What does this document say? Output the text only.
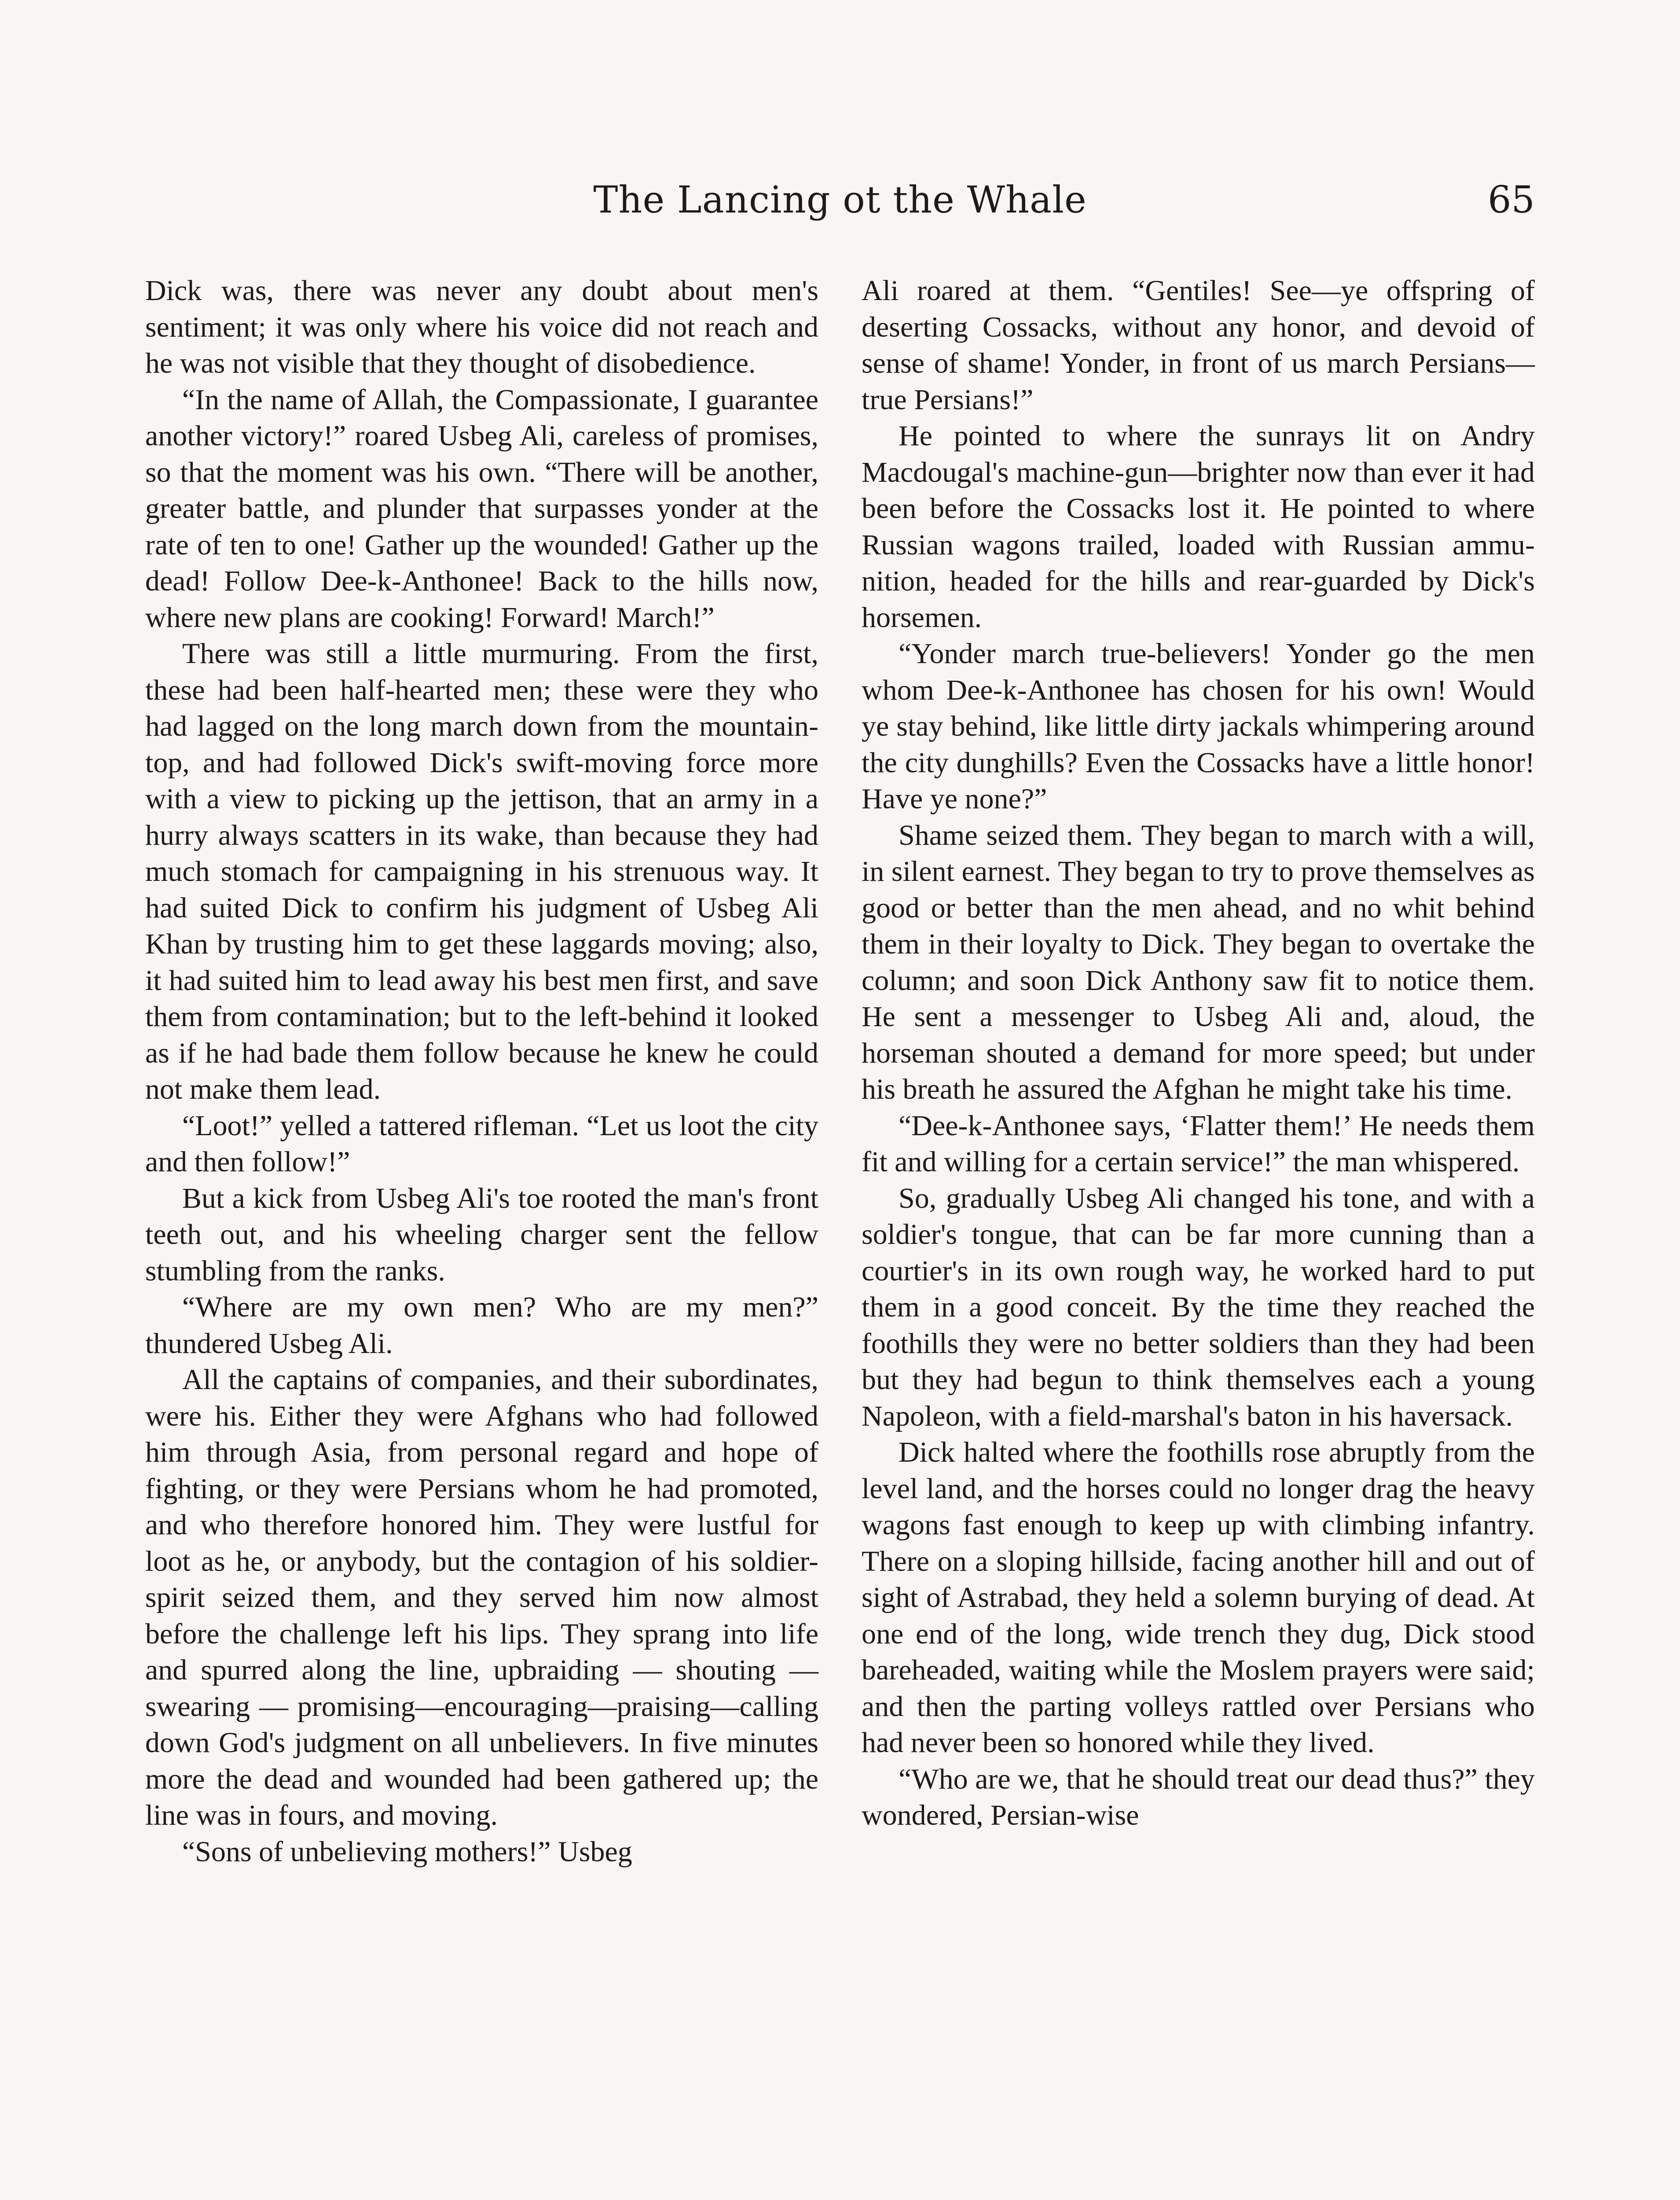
The Lancing ot the Whale	65

Dick was, there was never any doubt about men's sentiment; it was only where his voice did not reach and he was not visible that they thought of disobedience.

“In the name of Allah, the Compassionate, I guarantee another victory!” roared Usbeg Ali, careless of promises, so that the moment was his own. “There will be another, greater battle, and plunder that surpasses yonder at the rate of ten to one! Gather up the wounded! Gather up the dead! Follow Dee-k-Anthonee! Back to the hills now, where new plans are cooking! Forward! March!”

There was still a little murmuring. From the first, these had been half-hearted men; these were they who had lagged on the long march down from the mountaintop, and had followed Dick's swift-moving force more with a view to picking up the jettison, that an army in a hurry always scatters in its wake, than because they had much stomach for campaigning in his strenuous way. It had suited Dick to confirm his judgment of Usbeg Ali Khan by trusting him to get these laggards moving; also, it had suited him to lead away his best men first, and save them from contamination; but to the left-behind it looked as if he had bade them follow because he knew he could not make them lead.

“Loot!” yelled a tattered rifleman. “Let us loot the city and then follow!”

But a kick from Usbeg Ali's toe rooted the man's front teeth out, and his wheeling charger sent the fellow stumbling from the ranks.

“Where are my own men? Who are my men?” thundered Usbeg Ali.

All the captains of companies, and their subordinates, were his. Either they were Afghans who had followed him through Asia, from personal regard and hope of fighting, or they were Persians whom he had promoted, and who therefore honored him. They were lustful for loot as he, or anybody, but the contagion of his soldier-spirit seized them, and they served him now almost before the challenge left his lips. They sprang into life and spurred along the line, upbraiding — shouting — swearing — promising—encouraging—praising—calling down God's judgment on all unbelievers. In five minutes more the dead and wounded had been gathered up; the line was in fours, and moving.

“Sons of unbelieving mothers!” Usbeg

Ali roared at them. “Gentiles! See—ye offspring of deserting Cossacks, without any honor, and devoid of sense of shame! Yonder, in front of us march Persians— true Persians!”

He pointed to where the sunrays lit on Andry Macdougal's machine-gun—brighter now than ever it had been before the Cossacks lost it. He pointed to where Russian wagons trailed, loaded with Russian ammunition, headed for the hills and rear-guarded by Dick's horsemen.

“Yonder march true-believers! Yonder go the men whom Dee-k-Anthonee has chosen for his own! Would ye stay behind, like little dirty jackals whimpering around the city dunghills? Even the Cossacks have a little honor! Have ye none?”

Shame seized them. They began to march with a will, in silent earnest. They began to try to prove themselves as good or better than the men ahead, and no whit behind them in their loyalty to Dick. They began to overtake the column; and soon Dick Anthony saw fit to notice them. He sent a messenger to Usbeg Ali and, aloud, the horseman shouted a demand for more speed; but under his breath he assured the Afghan he might take his time.

“Dee-k-Anthonee says, ‘Flatter them!’ He needs them fit and willing for a certain service!” the man whispered.

So, gradually Usbeg Ali changed his tone, and with a soldier's tongue, that can be far more cunning than a courtier's in its own rough way, he worked hard to put them in a good conceit. By the time they reached the foothills they were no better soldiers than they had been but they had begun to think themselves each a young Napoleon, with a field-marshal's baton in his haversack.

Dick halted where the foothills rose abruptly from the level land, and the horses could no longer drag the heavy wagons fast enough to keep up with climbing infantry. There on a sloping hillside, facing another hill and out of sight of Astrabad, they held a solemn burying of dead. At one end of the long, wide trench they dug, Dick stood bareheaded, waiting while the Moslem prayers were said; and then the parting volleys rattled over Persians who had never been so honored while they lived.

“Who are we, that he should treat our dead thus?” they wondered, Persian-wise
